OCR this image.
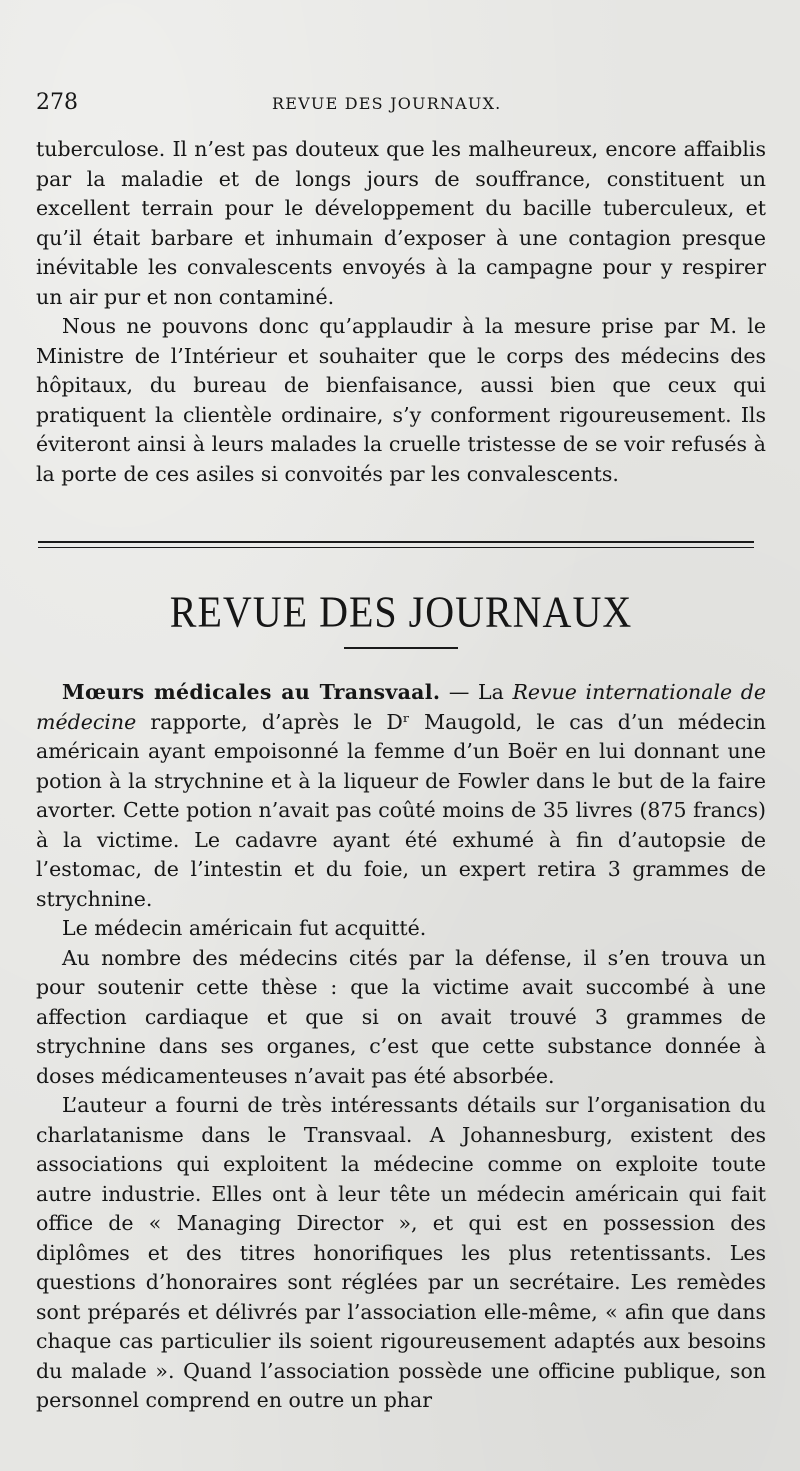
278	REVUE DES JOURNAUX.

tuberculose. Il n’est pas douteux que les malheureux, encore affaiblis par la maladie et de longs jours de souffrance, constituent un excellent terrain pour le développement du bacille tuberculeux, et qu’il était barbare et inhumain d’exposer à une contagion presque inévitable les convalescents envoyés à la campagne pour y respirer un air pur et non contaminé.

Nous ne pouvons donc qu’applaudir à la mesure prise par M. le Ministre de l’Intérieur et souhaiter que le corps des médecins des hôpitaux, du bureau de bienfaisance, aussi bien que ceux qui pratiquent la clientèle ordinaire, s’y conforment rigoureusement. Ils éviteront ainsi à leurs malades la cruelle tristesse de se voir refusés à la porte de ces asiles si convoités par les convalescents.

REVUE DES JOURNAUX

Mœurs médicales au Transvaal. — La Revue internationale de médecine rapporte, d’après le Dʳ Maugold, le cas d’un médecin américain ayant empoisonné la femme d’un Boër en lui donnant une potion à la strychnine et à la liqueur de Fowler dans le but de la faire avorter. Cette potion n’avait pas coûté moins de 35 livres (875 francs) à la victime. Le cadavre ayant été exhumé à fin d’autopsie de l’estomac, de l’intestin et du foie, un expert retira 3 grammes de strychnine.

Le médecin américain fut acquitté.

Au nombre des médecins cités par la défense, il s’en trouva un pour soutenir cette thèse : que la victime avait succombé à une affection cardiaque et que si on avait trouvé 3 grammes de strychnine dans ses organes, c’est que cette substance donnée à doses médicamenteuses n’avait pas été absorbée.

L’auteur a fourni de très intéressants détails sur l’organisation du charlatanisme dans le Transvaal. A Johannesburg, existent des associations qui exploitent la médecine comme on exploite toute autre industrie. Elles ont à leur tête un médecin américain qui fait office de « Managing Director », et qui est en possession des diplômes et des titres honorifiques les plus retentissants. Les questions d’honoraires sont réglées par un secrétaire. Les remèdes sont préparés et délivrés par l’association elle-même, « afin que dans chaque cas particulier ils soient rigoureusement adaptés aux besoins du malade ». Quand l’association possède une officine publique, son personnel comprend en outre un phar
